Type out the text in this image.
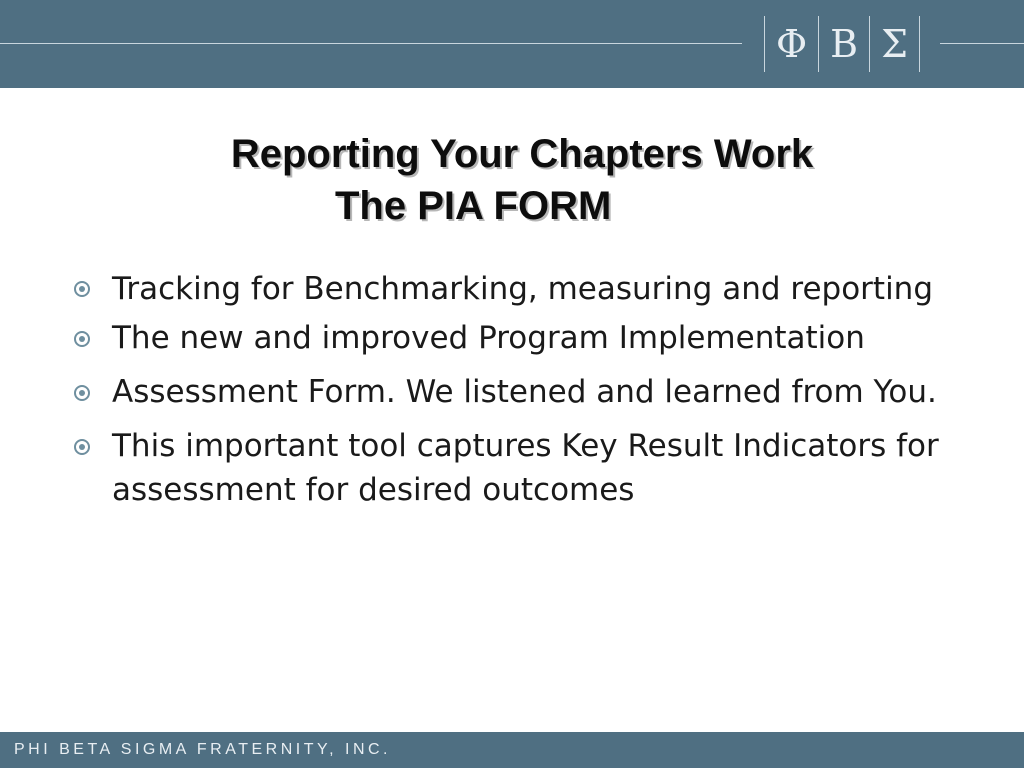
Φ Β Σ
Reporting Your Chapters Work
The PIA FORM
Tracking for Benchmarking, measuring and reporting
The new and improved Program Implementation
Assessment Form. We listened and learned from You.
This important tool captures Key Result Indicators for assessment for desired outcomes
PHI BETA SIGMA FRATERNITY, INC.
